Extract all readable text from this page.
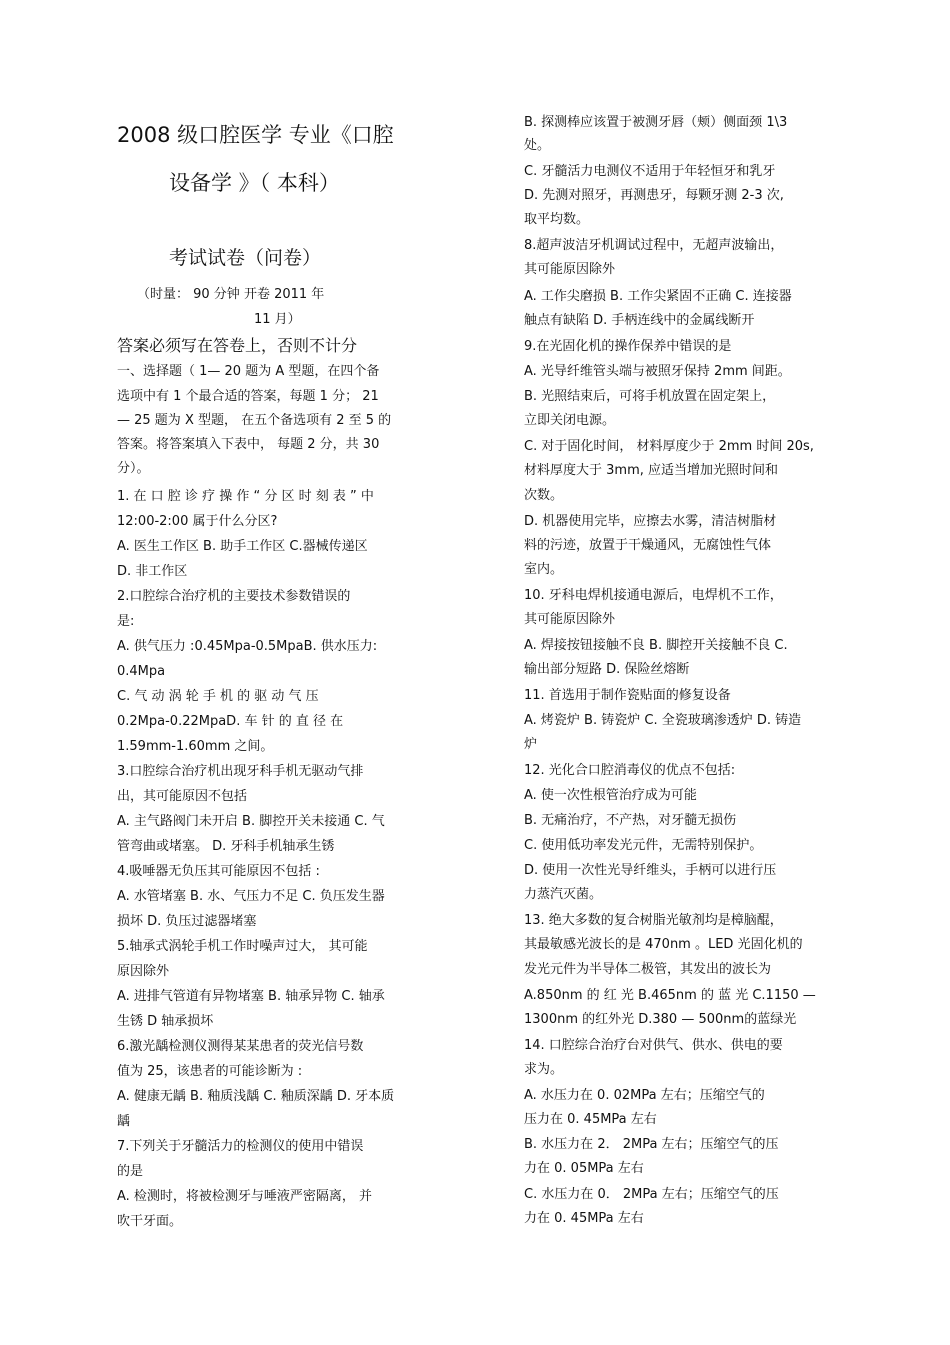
2008 级口腔医学 专业《口腔
设备学 》（ 本科）
考试试卷（问卷）
（时量： 90 分钟 开卷 2011 年
11 月）
答案必须写在答卷上，否则不计分
一、选择题（ 1— 20 题为 A 型题，在四个备
选项中有 1 个最合适的答案，每题 1 分； 21
— 25 题为 X 型题， 在五个备选项有 2 至 5 的
答案。将答案填入下表中， 每题 2 分，共 30
分）。
1. 在 口 腔 诊 疗 操 作 “ 分 区 时 刻 表 ” 中
12:00-2:00 属于什么分区?
A. 医生工作区 B. 助手工作区 C.器械传递区
D. 非工作区
2.口腔综合治疗机的主要技术参数错误的
是:
A. 供气压力 :0.45Mpa-0.5MpaB. 供水压力:
0.4Mpa
C. 气 动 涡 轮 手 机 的 驱 动 气 压
0.2Mpa-0.22MpaD. 车 针 的 直 径 在
1.59mm-1.60mm 之间。
3.口腔综合治疗机出现牙科手机无驱动气排
出，其可能原因不包括
A. 主气路阀门未开启 B. 脚控开关未接通 C. 气
管弯曲或堵塞。 D. 牙科手机轴承生锈
4.吸唾器无负压其可能原因不包括 :
A. 水管堵塞 B. 水、气压力不足 C. 负压发生器
损坏 D. 负压过滤器堵塞
5.轴承式涡轮手机工作时噪声过大， 其可能
原因除外
A. 进排气管道有异物堵塞 B. 轴承异物 C. 轴承
生锈 D 轴承损坏
6.激光龋检测仪测得某某患者的荧光信号数
值为 25，该患者的可能诊断为 :
A. 健康无龋 B. 釉质浅龋 C. 釉质深龋 D. 牙本质
龋
7.下列关于牙髓活力的检测仪的使用中错误
的是
A. 检测时，将被检测牙与唾液严密隔离， 并
吹干牙面。
B. 探测棒应该置于被测牙唇（颊）侧面颈 1\3
处。
C. 牙髓活力电测仪不适用于年轻恒牙和乳牙
D. 先测对照牙，再测患牙，每颗牙测 2-3 次,
取平均数。
8.超声波洁牙机调试过程中，无超声波输出，
其可能原因除外
A. 工作尖磨损 B. 工作尖紧固不正确 C. 连接器
触点有缺陷 D. 手柄连线中的金属线断开
9.在光固化机的操作保养中错误的是
A. 光导纤维管头端与被照牙保持 2mm 间距。
B. 光照结束后，可将手机放置在固定架上，
立即关闭电源。
C. 对于固化时间， 材料厚度少于 2mm 时间 20s,
材料厚度大于 3mm, 应适当增加光照时间和
次数。
D. 机器使用完毕，应擦去水雾，清洁树脂材
料的污迹，放置于干燥通风，无腐蚀性气体
室内。
10. 牙科电焊机接通电源后，电焊机不工作，
其可能原因除外
A. 焊接按钮接触不良 B. 脚控开关接触不良 C.
输出部分短路 D. 保险丝熔断
11. 首选用于制作瓷贴面的修复设备
A. 烤瓷炉 B. 铸瓷炉 C. 全瓷玻璃渗透炉 D. 铸造
炉
12. 光化合口腔消毒仪的优点不包括:
A. 使一次性根管治疗成为可能
B. 无痛治疗，不产热，对牙髓无损伤
C. 使用低功率发光元件，无需特别保护。
D. 使用一次性光导纤维头，手柄可以进行压
力蒸汽灭菌。
13. 绝大多数的复合树脂光敏剂均是樟脑醌，
其最敏感光波长的是 470nm 。LED 光固化机的
发光元件为半导体二极管，其发出的波长为
A.850nm 的 红 光 B.465nm 的 蓝 光 C.1150 —
1300nm 的红外光 D.380 — 500nm的蓝绿光
14. 口腔综合治疗台对供气、供水、供电的要
求为。
A. 水压力在 0. 02MPa 左右；压缩空气的
压力在 0. 45MPa 左右
B. 水压力在 2． 2MPa 左右；压缩空气的压
力在 0. 05MPa 左右
C. 水压力在 0． 2MPa 左右；压缩空气的压
力在 0. 45MPa 左右
